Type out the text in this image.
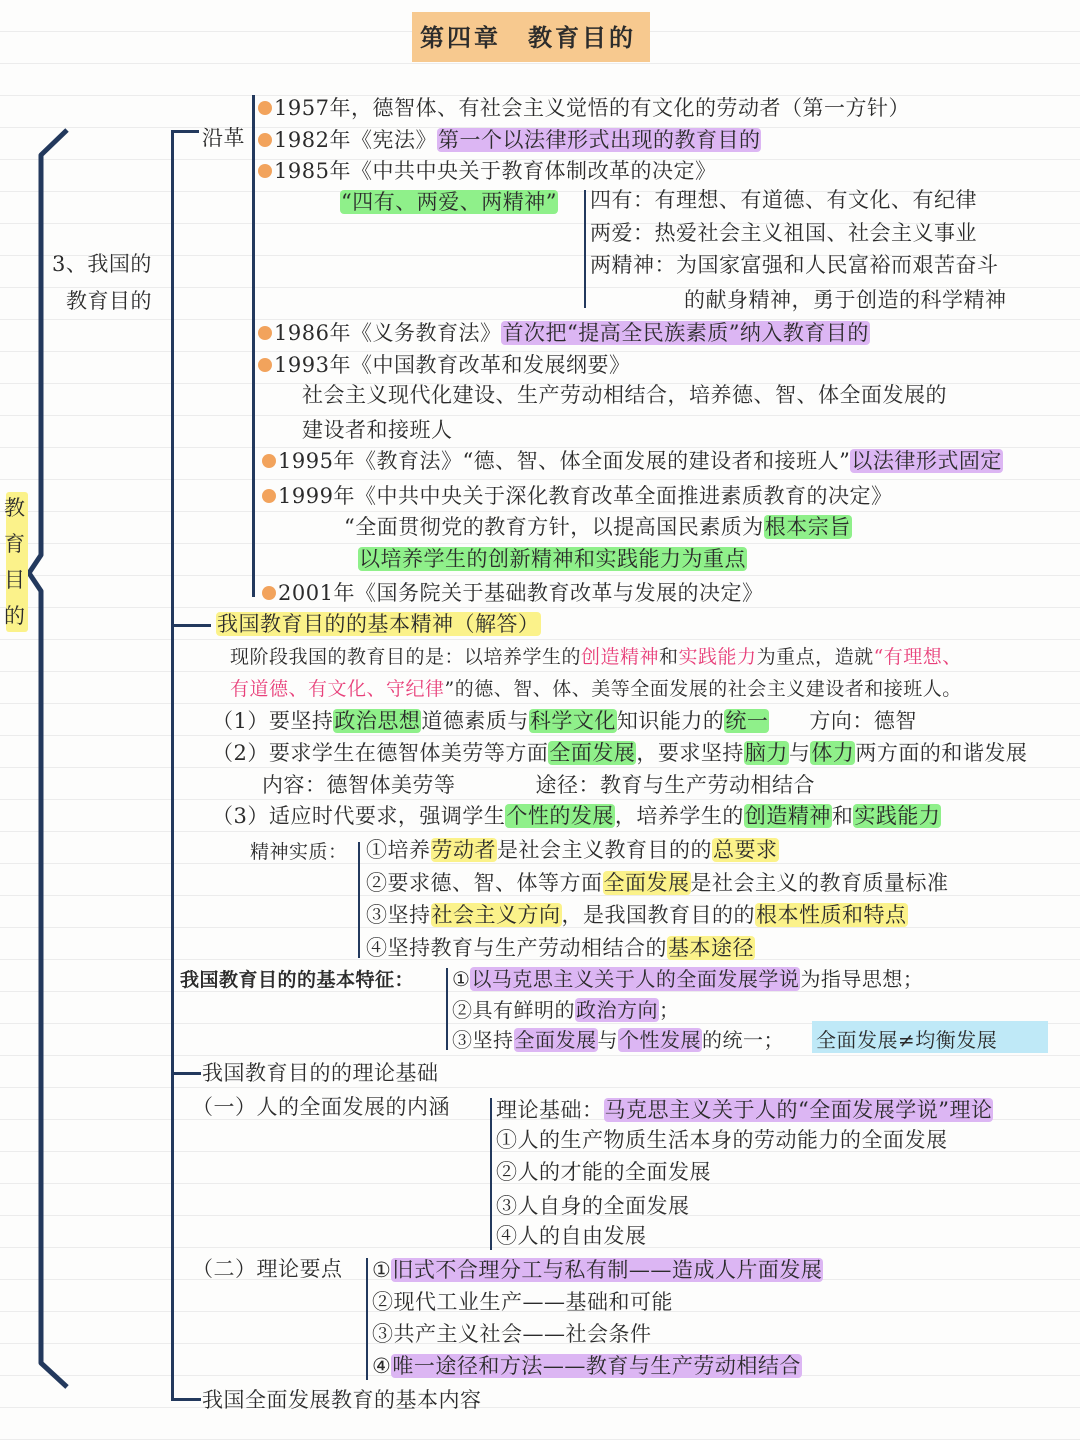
第四章　教育目的
教
育
目
的
3、我国的
教育目的
沿革
1957年，德智体、有社会主义觉悟的有文化的劳动者（第一方针）
1982年《宪法》第一个以法律形式出现的教育目的
1985年《中共中央关于教育体制改革的决定》
“四有、两爱、两精神” 四有：有理想、有道德、有文化、有纪律
两爱：热爱社会主义祖国、社会主义事业
两精神：为国家富强和人民富裕而艰苦奋斗
的献身精神，勇于创造的科学精神
1986年《义务教育法》首次把“提高全民族素质”纳入教育目的
1993年《中国教育改革和发展纲要》
社会主义现代化建设、生产劳动相结合，培养德、智、体全面发展的
建设者和接班人
1995年《教育法》“德、智、体全面发展的建设者和接班人”以法律形式固定
1999年《中共中央关于深化教育改革全面推进素质教育的决定》
“全面贯彻党的教育方针，以提高国民素质为根本宗旨
以培养学生的创新精神和实践能力为重点
2001年《国务院关于基础教育改革与发展的决定》
我国教育目的的基本精神（解答）
现阶段我国的教育目的是：以培养学生的创造精神和实践能力为重点，造就“有理想、
有道德、有文化、守纪律”的德、智、体、美等全面发展的社会主义建设者和接班人。
（1）要坚持政治思想道德素质与科学文化知识能力的统一 方向：德智
（2）要求学生在德智体美劳等方面全面发展，要求坚持脑力与体力两方面的和谐发展
内容：德智体美劳等	途径：教育与生产劳动相结合
（3）适应时代要求，强调学生个性的发展，培养学生的创造精神和实践能力
精神实质： ①培养劳动者是社会主义教育目的的总要求
②要求德、智、体等方面全面发展是社会主义的教育质量标准
③坚持社会主义方向，是我国教育目的的根本性质和特点
④坚持教育与生产劳动相结合的基本途径
我国教育目的的基本特征： ①以马克思主义关于人的全面发展学说为指导思想；
②具有鲜明的政治方向；
③坚持全面发展与个性发展的统一； 全面发展≠均衡发展
我国教育目的的理论基础
（一）人的全面发展的内涵 理论基础：马克思主义关于人的“全面发展学说”理论
①人的生产物质生活本身的劳动能力的全面发展
②人的才能的全面发展
③人自身的全面发展
④人的自由发展
（二）理论要点 ①旧式不合理分工与私有制——造成人片面发展
②现代工业生产——基础和可能
③共产主义社会——社会条件
④唯一途径和方法——教育与生产劳动相结合
我国全面发展教育的基本内容
